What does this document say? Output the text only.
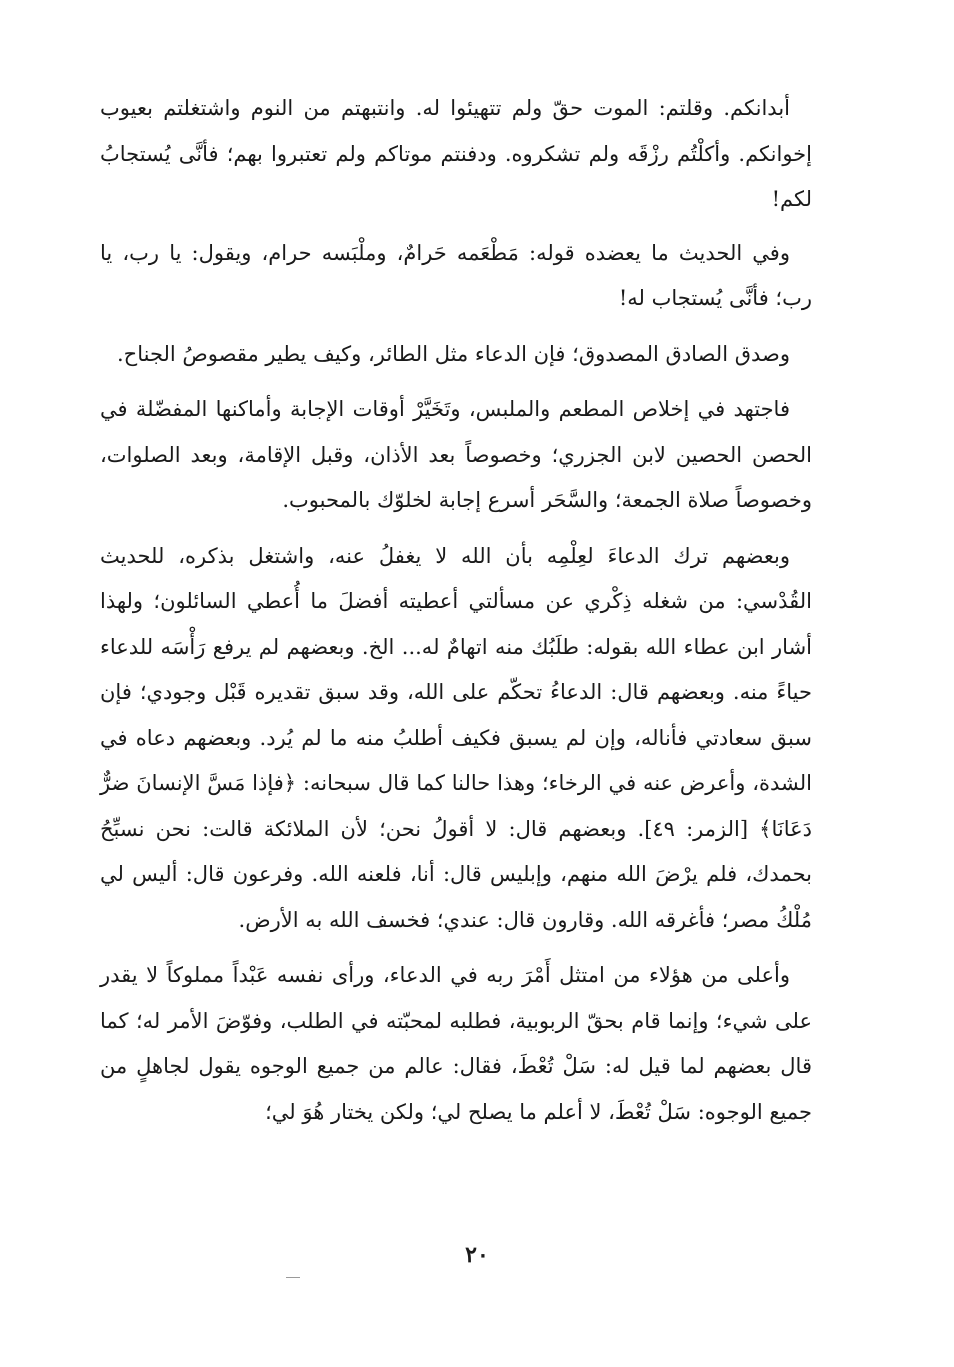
أبدانكم. وقلتم: الموت حقّ ولم تتهيئوا له. وانتبهتم من النوم واشتغلتم بعيوب إخوانكم. وأكلْتُم رزْقَه ولم تشكروه. ودفنتم موتاكم ولم تعتبروا بهم؛ فأنَّى يُستجابُ لكم!

وفي الحديث ما يعضده قوله: مَطْعَمه حَرامٌ، وملْبَسه حرام، ويقول: يا رب، يا رب؛ فأنَّى يُستجاب له!

وصدق الصادق المصدوق؛ فإن الدعاء مثل الطائر، وكيف يطير مقصوصُ الجناح.

فاجتهد في إخلاص المطعم والملبس، وتَخَيَّرْ أوقات الإجابة وأماكنها المفضّلة في الحصن الحصين لابن الجزري؛ وخصوصاً بعد الأذان، وقبل الإقامة، وبعد الصلوات، وخصوصاً صلاة الجمعة؛ والسَّحَر أسرع إجابة لخلوّك بالمحبوب.

وبعضهم ترك الدعاءَ لعِلْمِه بأن الله لا يغفلُ عنه، واشتغل بذكره، للحديث القُدْسي: من شغله ذِكْري عن مسألتي أعطيته أفضلَ ما أُعطي السائلون؛ ولهذا أشار ابن عطاء الله بقوله: طلَبُك منه اتهامٌ له... الخ. وبعضهم لم يرفع رَأْسَه للدعاء حياءً منه. وبعضهم قال: الدعاءُ تحكّم على الله، وقد سبق تقديره قَبْل وجودي؛ فإن سبق سعادتي فأناله، وإن لم يسبق فكيف أطلبُ منه ما لم يُرد. وبعضهم دعاه في الشدة، وأعرض عنه في الرخاء؛ وهذا حالنا كما قال سبحانه: ﴿فإذا مَسَّ الإنسانَ ضرٌّ دَعَانَا﴾ [الزمر: ٤٩]. وبعضهم قال: لا أقولُ نحن؛ لأن الملائكة قالت: نحن نسبِّحُ بحمدك، فلم يرْضَ الله منهم، وإبليس قال: أنا، فلعنه الله. وفرعون قال: أليس لي مُلْكُ مصر؛ فأغرقه الله. وقارون قال: عندي؛ فخسف الله به الأرض.

وأعلى من هؤلاء من امتثل أَمْرَ ربه في الدعاء، ورأى نفسه عَبْداً مملوكاً لا يقدر على شيء؛ وإنما قام بحقّ الربوبية، فطلبه لمحبّته في الطلب، وفوّضَ الأمر له؛ كما قال بعضهم لما قيل له: سَلْ تُعْطَ، فقال: عالم من جميع الوجوه يقول لجاهلٍ من جميع الوجوه: سَلْ تُعْطَ، لا أعلم ما يصلح لي؛ ولكن يختار هُوَ لي؛

٢٠
